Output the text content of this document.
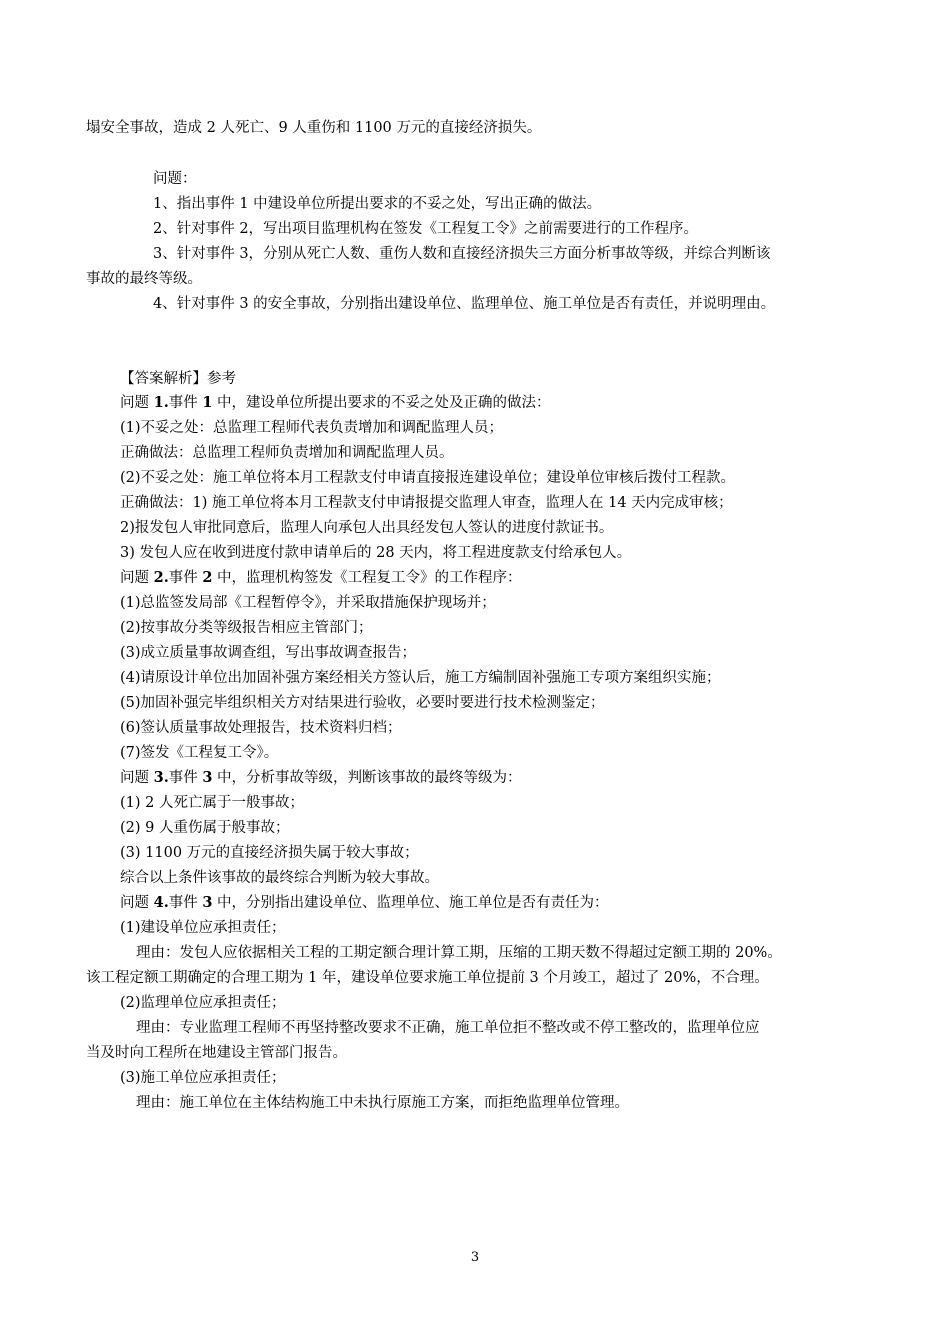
塌安全事故，造成 2 人死亡、9 人重伤和 1100 万元的直接经济损失。
问题：
1、指出事件 1 中建设单位所提出要求的不妥之处，写出正确的做法。
2、针对事件 2，写出项目监理机构在签发《工程复工令》之前需要进行的工作程序。
3、针对事件 3，分别从死亡人数、重伤人数和直接经济损失三方面分析事故等级，并综合判断该
事故的最终等级。
4、针对事件 3 的安全事故，分别指出建设单位、监理单位、施工单位是否有责任，并说明理由。
【答案解析】参考
问题 1.事件 1 中，建设单位所提出要求的不妥之处及正确的做法：
(1)不妥之处：总监理工程师代表负责增加和调配监理人员；
正确做法：总监理工程师负责增加和调配监理人员。
(2)不妥之处：施工单位将本月工程款支付申请直接报连建设单位；建设单位审核后拨付工程款。
正确做法：1) 施工单位将本月工程款支付申请报提交监理人审查，监理人在 14 天内完成审核；
2)报发包人审批同意后，监理人向承包人出具经发包人签认的进度付款证书。
3) 发包人应在收到进度付款申请单后的 28 天内，将工程进度款支付给承包人。
问题 2.事件 2 中，监理机构签发《工程复工令》的工作程序：
(1)总监签发局部《工程暂停令》，并采取措施保护现场并；
(2)按事故分类等级报告相应主管部门；
(3)成立质量事故调查组，写出事故调查报告；
(4)请原设计单位出加固补强方案经相关方签认后，施工方编制固补强施工专项方案组织实施；
(5)加固补强完毕组织相关方对结果进行验收，必要时要进行技术检测鉴定；
(6)签认质量事故处理报告，技术资料归档；
(7)签发《工程复工令》。
问题 3.事件 3 中，分析事故等级，判断该事故的最终等级为：
(1) 2 人死亡属于一般事故；
(2) 9 人重伤属于般事故；
(3) 1100 万元的直接经济损失属于较大事故；
综合以上条件该事故的最终综合判断为较大事故。
问题 4.事件 3 中，分别指出建设单位、监理单位、施工单位是否有责任为：
(1)建设单位应承担责任；
理由：发包人应依据相关工程的工期定额合理计算工期，压缩的工期天数不得超过定额工期的 20%。
该工程定额工期确定的合理工期为 1 年，建设单位要求施工单位提前 3 个月竣工，超过了 20%，不合理。
(2)监理单位应承担责任；
理由：专业监理工程师不再坚持整改要求不正确，施工单位拒不整改或不停工整改的，监理单位应
当及时向工程所在地建设主管部门报告。
(3)施工单位应承担责任；
理由：施工单位在主体结构施工中未执行原施工方案，而拒绝监理单位管理。
3
